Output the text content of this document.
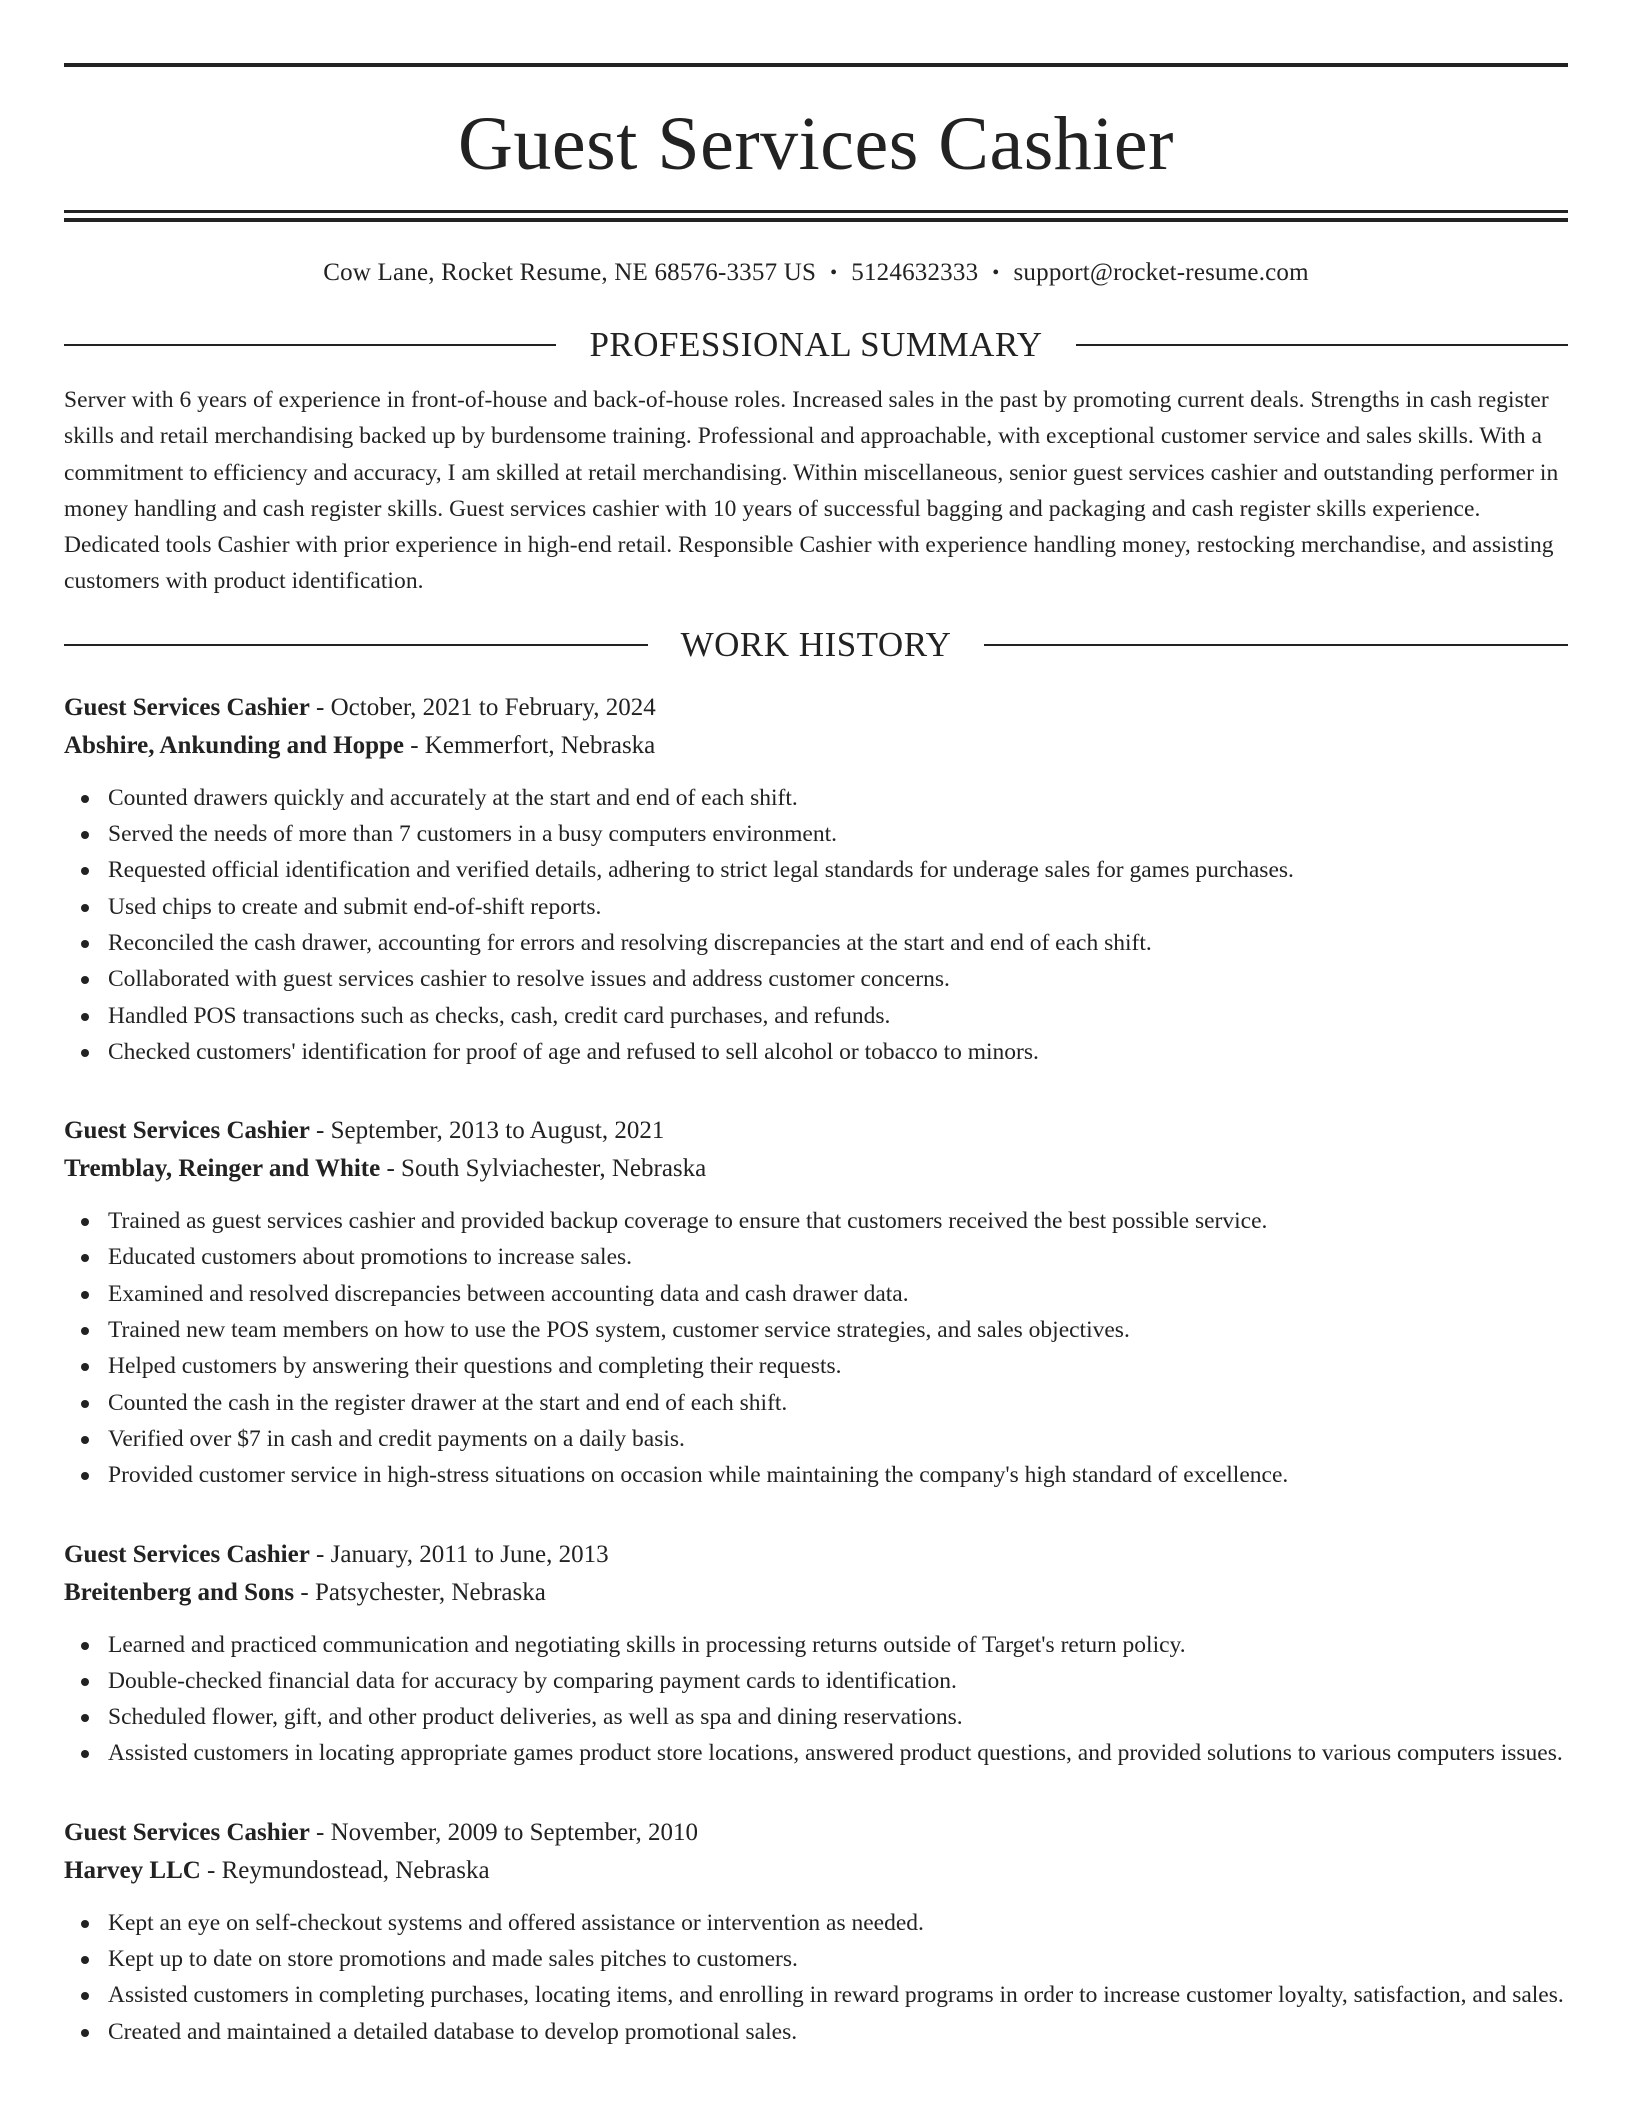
Guest Services Cashier
Cow Lane, Rocket Resume, NE 68576-3357 US • 5124632333 • support@rocket-resume.com
PROFESSIONAL SUMMARY
Server with 6 years of experience in front-of-house and back-of-house roles. Increased sales in the past by promoting current deals. Strengths in cash register skills and retail merchandising backed up by burdensome training. Professional and approachable, with exceptional customer service and sales skills. With a commitment to efficiency and accuracy, I am skilled at retail merchandising. Within miscellaneous, senior guest services cashier and outstanding performer in money handling and cash register skills. Guest services cashier with 10 years of successful bagging and packaging and cash register skills experience. Dedicated tools Cashier with prior experience in high-end retail. Responsible Cashier with experience handling money, restocking merchandise, and assisting customers with product identification.
WORK HISTORY
Guest Services Cashier - October, 2021 to February, 2024
Abshire, Ankunding and Hoppe - Kemmerfort, Nebraska
Counted drawers quickly and accurately at the start and end of each shift.
Served the needs of more than 7 customers in a busy computers environment.
Requested official identification and verified details, adhering to strict legal standards for underage sales for games purchases.
Used chips to create and submit end-of-shift reports.
Reconciled the cash drawer, accounting for errors and resolving discrepancies at the start and end of each shift.
Collaborated with guest services cashier to resolve issues and address customer concerns.
Handled POS transactions such as checks, cash, credit card purchases, and refunds.
Checked customers' identification for proof of age and refused to sell alcohol or tobacco to minors.
Guest Services Cashier - September, 2013 to August, 2021
Tremblay, Reinger and White - South Sylviachester, Nebraska
Trained as guest services cashier and provided backup coverage to ensure that customers received the best possible service.
Educated customers about promotions to increase sales.
Examined and resolved discrepancies between accounting data and cash drawer data.
Trained new team members on how to use the POS system, customer service strategies, and sales objectives.
Helped customers by answering their questions and completing their requests.
Counted the cash in the register drawer at the start and end of each shift.
Verified over $7 in cash and credit payments on a daily basis.
Provided customer service in high-stress situations on occasion while maintaining the company's high standard of excellence.
Guest Services Cashier - January, 2011 to June, 2013
Breitenberg and Sons - Patsychester, Nebraska
Learned and practiced communication and negotiating skills in processing returns outside of Target's return policy.
Double-checked financial data for accuracy by comparing payment cards to identification.
Scheduled flower, gift, and other product deliveries, as well as spa and dining reservations.
Assisted customers in locating appropriate games product store locations, answered product questions, and provided solutions to various computers issues.
Guest Services Cashier - November, 2009 to September, 2010
Harvey LLC - Reymundostead, Nebraska
Kept an eye on self-checkout systems and offered assistance or intervention as needed.
Kept up to date on store promotions and made sales pitches to customers.
Assisted customers in completing purchases, locating items, and enrolling in reward programs in order to increase customer loyalty, satisfaction, and sales.
Created and maintained a detailed database to develop promotional sales.
